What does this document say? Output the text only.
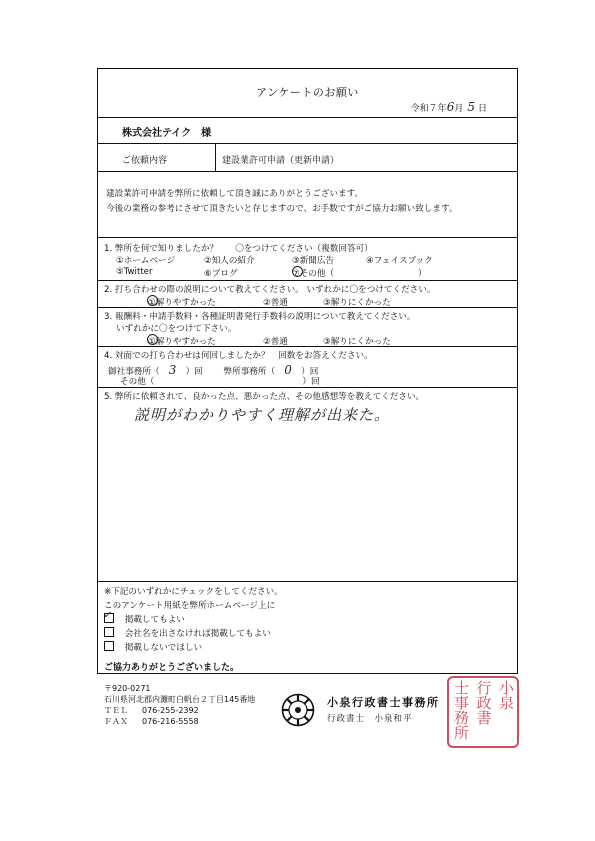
アンケートのお願い
令和７年6月 5 日
株式会社テイク　様
ご依頼内容	建設業許可申請（更新申請）
建設業許可申請を弊所に依頼して頂き誠にありがとうございます。
今後の業務の参考にさせて頂きたいと存じますので、お手数ですがご協力お願い致します。
1. 弊所を何で知りましたか？　　〇をつけてください（複数回答可）
①ホームページ	②知人の紹介	③新聞広告	④フェイスブック
⑤Twitter	⑥ブログ	⑦その他（	）
2. 打ち合わせの際の説明について教えてください。 いずれかに〇をつけてください。
①解りやすかった	②普通	③解りにくかった
3. 報酬料・申請手数料・各種証明書発行手数料の説明について教えてください。
いずれかに〇をつけて下さい。
①解りやすかった	②普通	③解りにくかった
4. 対面での打ち合わせは何回しましたか？　回数をお答えください。
御社事務所（ 3 ）回 弊所事務所（ 0 ）回
その他（	）回
5. 弊所に依頼されて、良かった点、悪かった点、その他感想等を教えてください。
説明がわかりやすく理解が出来た。
※下記のいずれかにチェックをしてください。
このアンケート用紙を弊所ホームページ上に
✓ 掲載してもよい
会社名を出さなければ掲載してもよい
掲載しないでほしい
ご協力ありがとうございました。
〒920-0271
石川県河北郡内灘町白帆台２丁目145番地
ＴＥＬ 076-255-2392
ＦＡＸ 076-216-5558
小泉行政書士事務所
行政書士　小泉和平
小泉
行政書
士事務所
